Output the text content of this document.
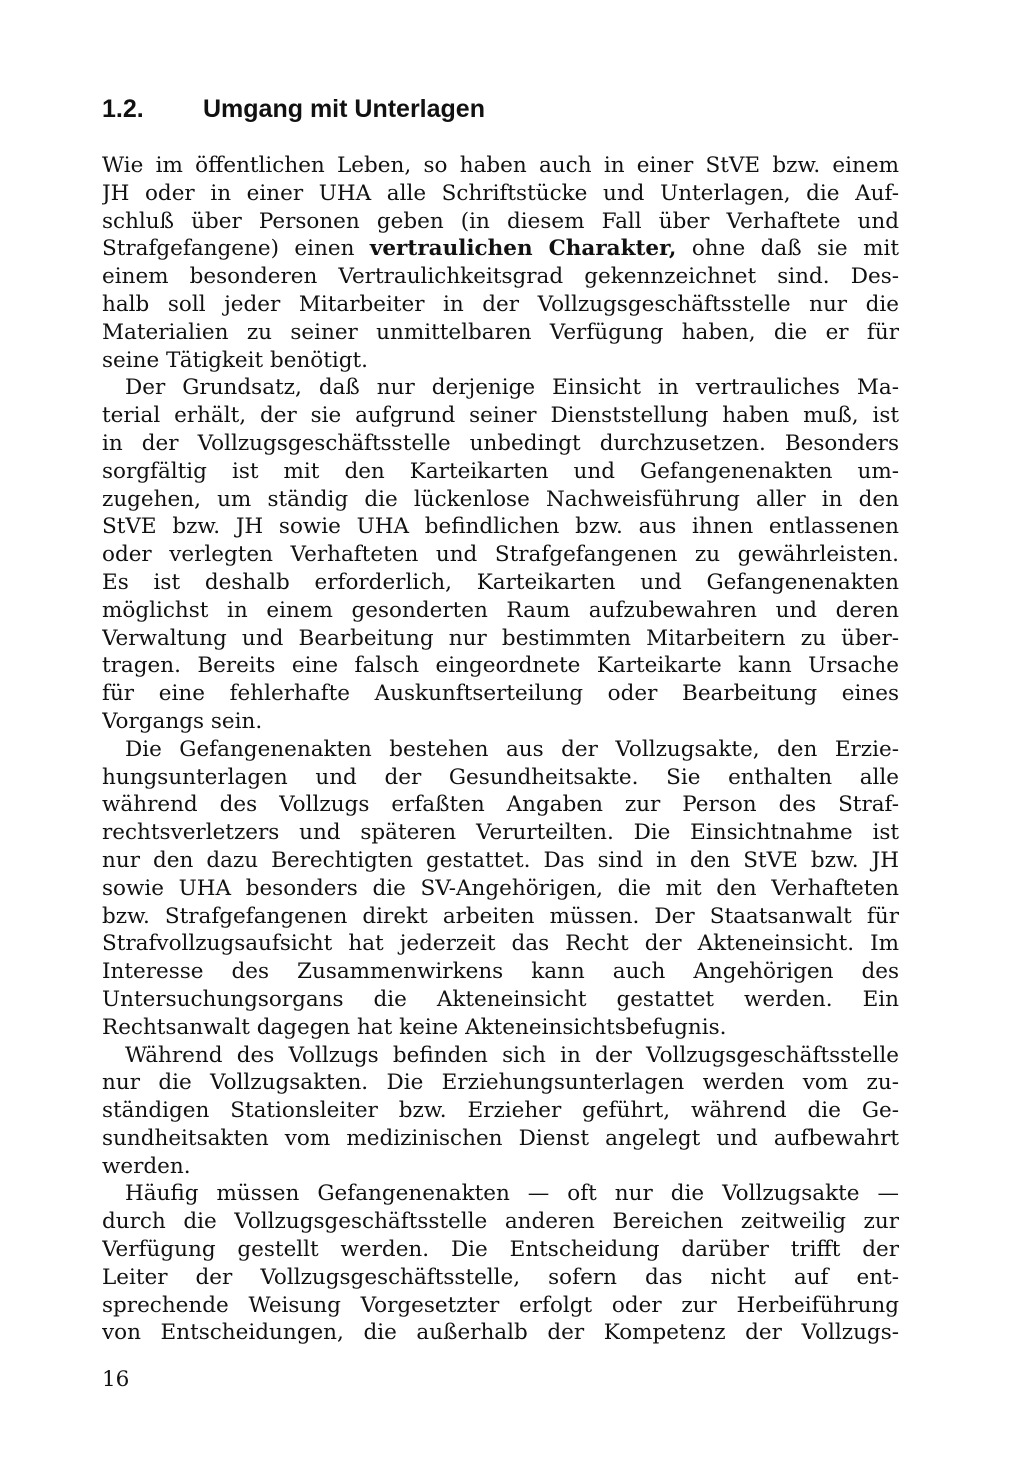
1.2. Umgang mit Unterlagen
Wie im öffentlichen Leben, so haben auch in einer StVE bzw. einem
JH oder in einer UHA alle Schriftstücke und Unterlagen, die Auf-
schluß über Personen geben (in diesem Fall über Verhaftete und
Strafgefangene) einen vertraulichen Charakter, ohne daß sie mit
einem besonderen Vertraulichkeitsgrad gekennzeichnet sind. Des-
halb soll jeder Mitarbeiter in der Vollzugsgeschäftsstelle nur die
Materialien zu seiner unmittelbaren Verfügung haben, die er für
seine Tätigkeit benötigt.
Der Grundsatz, daß nur derjenige Einsicht in vertrauliches Ma-
terial erhält, der sie aufgrund seiner Dienststellung haben muß, ist
in der Vollzugsgeschäftsstelle unbedingt durchzusetzen. Besonders
sorgfältig ist mit den Karteikarten und Gefangenenakten um-
zugehen, um ständig die lückenlose Nachweisführung aller in den
StVE bzw. JH sowie UHA befindlichen bzw. aus ihnen entlassenen
oder verlegten Verhafteten und Strafgefangenen zu gewährleisten.
Es ist deshalb erforderlich, Karteikarten und Gefangenenakten
möglichst in einem gesonderten Raum aufzubewahren und deren
Verwaltung und Bearbeitung nur bestimmten Mitarbeitern zu über-
tragen. Bereits eine falsch eingeordnete Karteikarte kann Ursache
für eine fehlerhafte Auskunftserteilung oder Bearbeitung eines
Vorgangs sein.
Die Gefangenenakten bestehen aus der Vollzugsakte, den Erzie-
hungsunterlagen und der Gesundheitsakte. Sie enthalten alle
während des Vollzugs erfaßten Angaben zur Person des Straf-
rechtsverletzers und späteren Verurteilten. Die Einsichtnahme ist
nur den dazu Berechtigten gestattet. Das sind in den StVE bzw. JH
sowie UHA besonders die SV-Angehörigen, die mit den Verhafteten
bzw. Strafgefangenen direkt arbeiten müssen. Der Staatsanwalt für
Strafvollzugsaufsicht hat jederzeit das Recht der Akteneinsicht. Im
Interesse des Zusammenwirkens kann auch Angehörigen des
Untersuchungsorgans die Akteneinsicht gestattet werden. Ein
Rechtsanwalt dagegen hat keine Akteneinsichtsbefugnis.
Während des Vollzugs befinden sich in der Vollzugsgeschäftsstelle
nur die Vollzugsakten. Die Erziehungsunterlagen werden vom zu-
ständigen Stationsleiter bzw. Erzieher geführt, während die Ge-
sundheitsakten vom medizinischen Dienst angelegt und aufbewahrt
werden.
Häufig müssen Gefangenenakten — oft nur die Vollzugsakte —
durch die Vollzugsgeschäftsstelle anderen Bereichen zeitweilig zur
Verfügung gestellt werden. Die Entscheidung darüber trifft der
Leiter der Vollzugsgeschäftsstelle, sofern das nicht auf ent-
sprechende Weisung Vorgesetzter erfolgt oder zur Herbeiführung
von Entscheidungen, die außerhalb der Kompetenz der Vollzugs-
16
